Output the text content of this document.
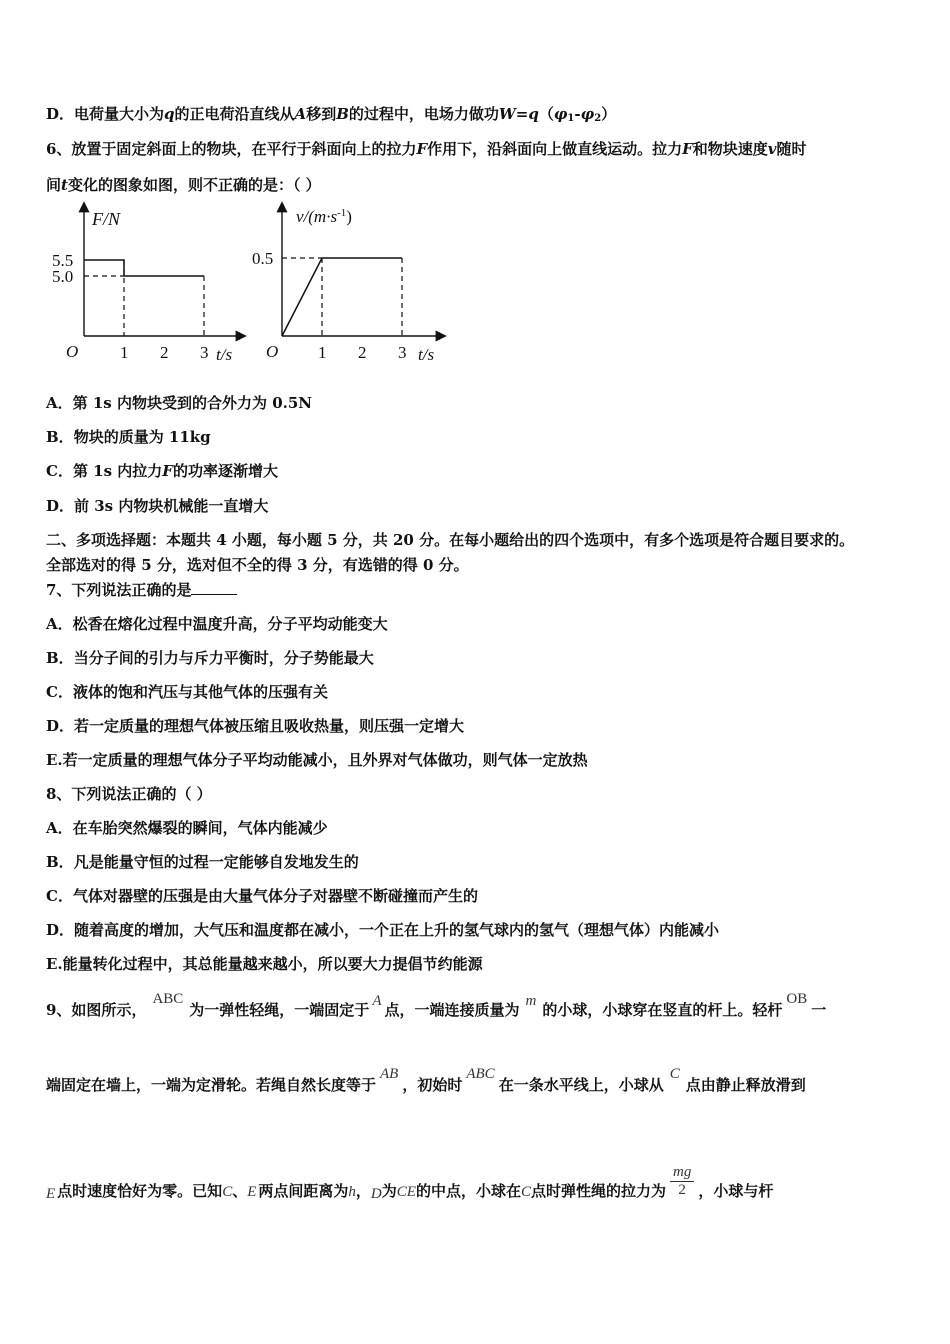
D．电荷量大小为q的正电荷沿直线从A移到B的过程中，电场力做功$W=q(\varphi_1-\varphi_2)$
6、放置于固定斜面上的物块，在平行于斜面向上的拉力F作用下，沿斜面向上做直线运动。拉力F和物块速度v随时
间t变化的图象如图，则不正确的是：（ ）
F/N
O	t/s
1 2 3
5.5
5.0
$v/(m\cdot s^{-1})$
O	t/s
1 2 3
0.5
A．第 1s 内物块受到的合外力为 0.5N
B．物块的质量为 11kg
C．第 1s 内拉力F的功率逐渐增大
D．前 3s 内物块机械能一直增大
二、多项选择题：本题共 4 小题，每小题 5 分，共 20 分。在每小题给出的四个选项中，有多个选项是符合题目要求的。
全部选对的得 5 分，选对但不全的得 3 分，有选错的得 0 分。
7、下列说法正确的是
A．松香在熔化过程中温度升高，分子平均动能变大
B．当分子间的引力与斥力平衡时，分子势能最大
C．液体的饱和汽压与其他气体的压强有关
D．若一定质量的理想气体被压缩且吸收热量，则压强一定增大
E.若一定质量的理想气体分子平均动能减小，且外界对气体做功，则气体一定放热
8、下列说法正确的（ ）
A．在车胎突然爆裂的瞬间，气体内能减少
B．凡是能量守恒的过程一定能够自发地发生的
C．气体对器壁的压强是由大量气体分子对器壁不断碰撞而产生的
D．随着高度的增加，大气压和温度都在减小，一个正在上升的氢气球内的氢气（理想气体）内能减小
E.能量转化过程中，其总能量越来越小，所以要大力提倡节约能源
9、如图所示，ABC为一弹性轻绳，一端固定于 A 点，一端连接质量为 m 的小球，小球穿在竖直的杆上。轻杆OB一
端固定在墙上，一端为定滑轮。若绳自然长度等于AB，初始时ABC在一条水平线上，小球从C点由静止释放滑到
E 点时速度恰好为零。已知C、E 两点间距离为h，D为CE的中点，小球在C点时弹性绳的拉力为 $\frac{mg}{2}$ ，小球与杆
